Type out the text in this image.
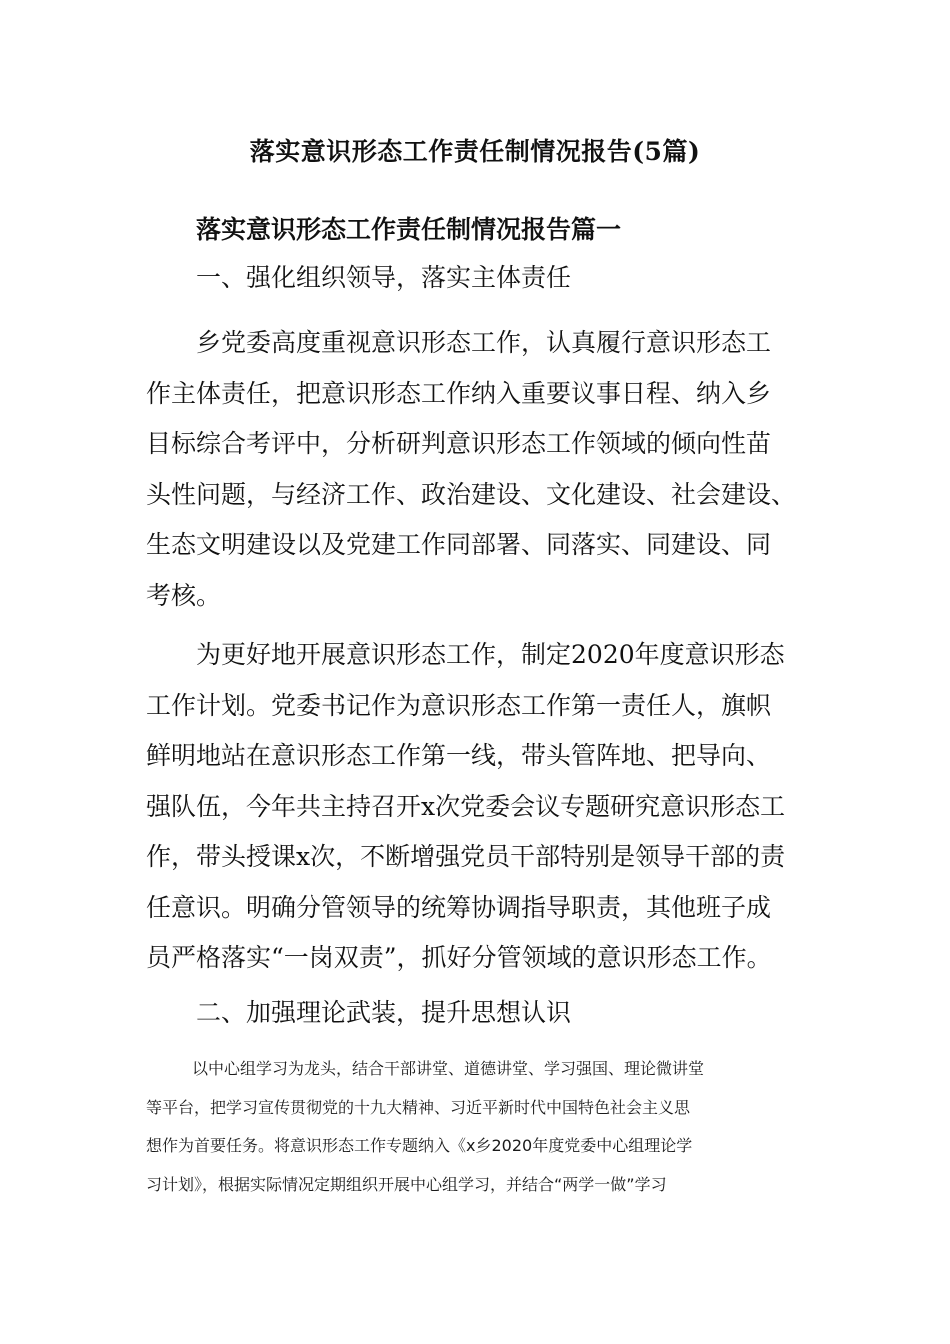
落实意识形态工作责任制情况报告(5篇)
落实意识形态工作责任制情况报告篇一

一、强化组织领导，落实主体责任

乡党委高度重视意识形态工作，认真履行意识形态工
作主体责任，把意识形态工作纳入重要议事日程、纳入乡
目标综合考评中，分析研判意识形态工作领域的倾向性苗
头性问题，与经济工作、政治建设、文化建设、社会建设、
生态文明建设以及党建工作同部署、同落实、同建设、同
考核。
为更好地开展意识形态工作，制定2020年度意识形态
工作计划。党委书记作为意识形态工作第一责任人，旗帜
鲜明地站在意识形态工作第一线，带头管阵地、把导向、
强队伍，今年共主持召开x次党委会议专题研究意识形态工
作，带头授课x次，不断增强党员干部特别是领导干部的责
任意识。明确分管领导的统筹协调指导职责，其他班子成
员严格落实“一岗双责”，抓好分管领域的意识形态工作。

二、加强理论武装，提升思想认识

以中心组学习为龙头，结合干部讲堂、道德讲堂、学习强国、理论微讲堂
等平台，把学习宣传贯彻党的十九大精神、习近平新时代中国特色社会主义思
想作为首要任务。将意识形态工作专题纳入《x乡2020年度党委中心组理论学
习计划》，根据实际情况定期组织开展中心组学习，并结合“两学一做”学习
